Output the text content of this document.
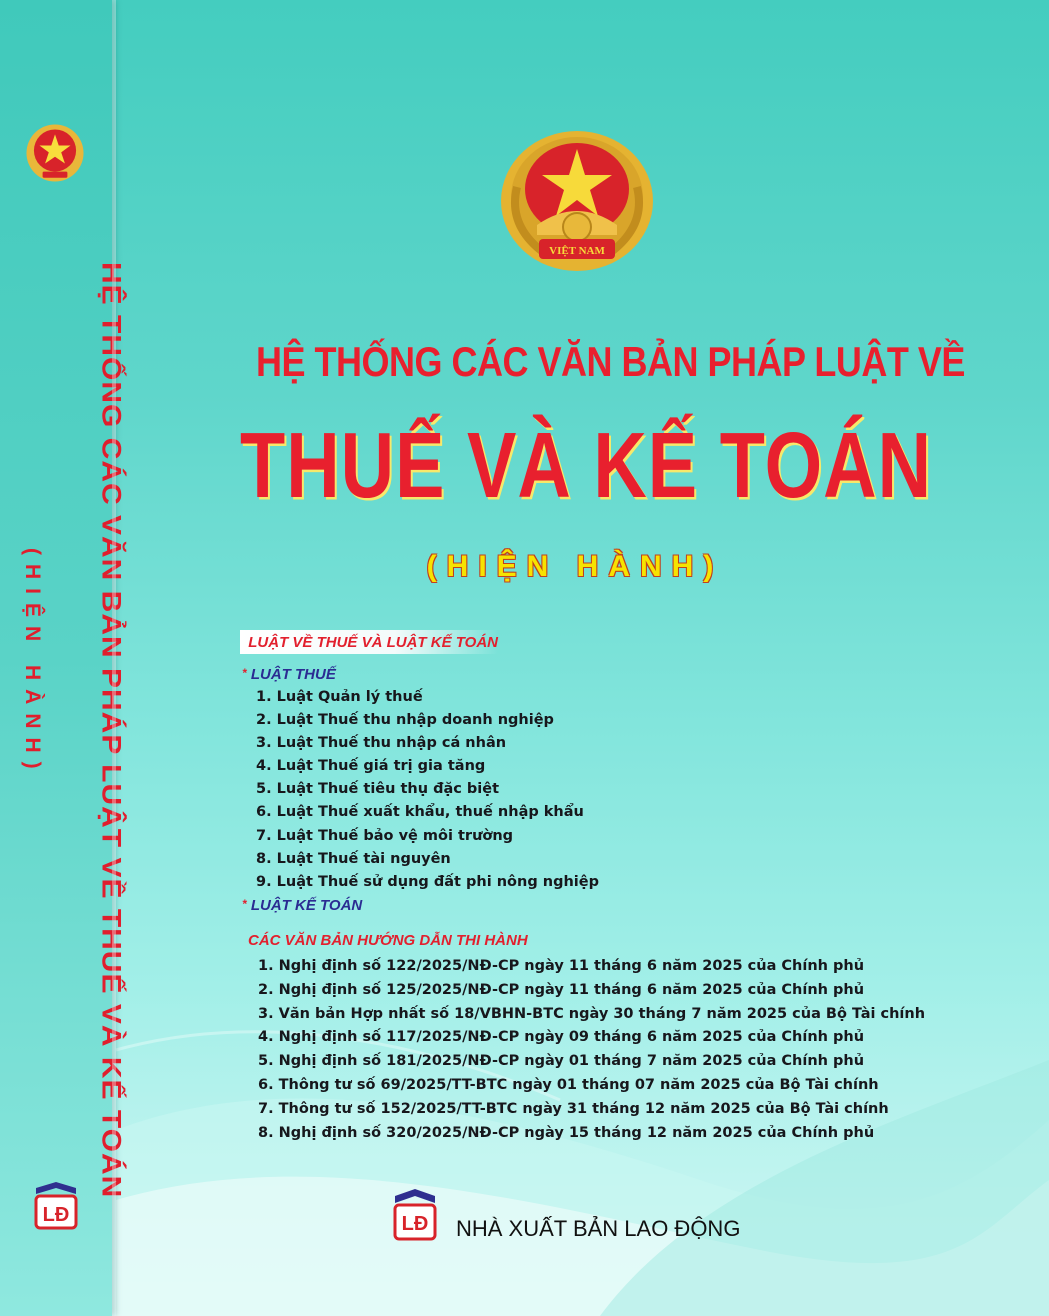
HỆ THỐNG CÁC VĂN BẢN PHÁP LUẬT VỀ THUẾ VÀ KẾ TOÁN
(HIỆN HÀNH)
LĐ
VIỆT NAM
HỆ THỐNG CÁC VĂN BẢN PHÁP LUẬT VỀ
THUẾ VÀ KẾ TOÁN
(HIỆN HÀNH)
LUẬT VỀ THUẾ VÀ LUẬT KẾ TOÁN
* LUẬT THUẾ
1. Luật Quản lý thuế
2. Luật Thuế thu nhập doanh nghiệp
3. Luật Thuế thu nhập cá nhân
4. Luật Thuế giá trị gia tăng
5. Luật Thuế tiêu thụ đặc biệt
6. Luật Thuế xuất khẩu, thuế nhập khẩu
7. Luật Thuế bảo vệ môi trường
8. Luật Thuế tài nguyên
9. Luật Thuế sử dụng đất phi nông nghiệp
* LUẬT KẾ TOÁN
CÁC VĂN BẢN HƯỚNG DẪN THI HÀNH
1. Nghị định số 122/2025/NĐ-CP ngày 11 tháng 6 năm 2025 của Chính phủ
2. Nghị định số 125/2025/NĐ-CP ngày 11 tháng 6 năm 2025 của Chính phủ
3. Văn bản Hợp nhất số 18/VBHN-BTC ngày 30 tháng 7 năm 2025 của Bộ Tài chính
4. Nghị định số 117/2025/NĐ-CP ngày 09 tháng 6 năm 2025 của Chính phủ
5. Nghị định số 181/2025/NĐ-CP ngày 01 tháng 7 năm 2025 của Chính phủ
6. Thông tư số 69/2025/TT-BTC ngày 01 tháng 07 năm 2025 của Bộ Tài chính
7. Thông tư số 152/2025/TT-BTC ngày 31 tháng 12 năm 2025 của Bộ Tài chính
8. Nghị định số 320/2025/NĐ-CP ngày 15 tháng 12 năm 2025 của Chính phủ
LĐ NHÀ XUẤT BẢN LAO ĐỘNG
